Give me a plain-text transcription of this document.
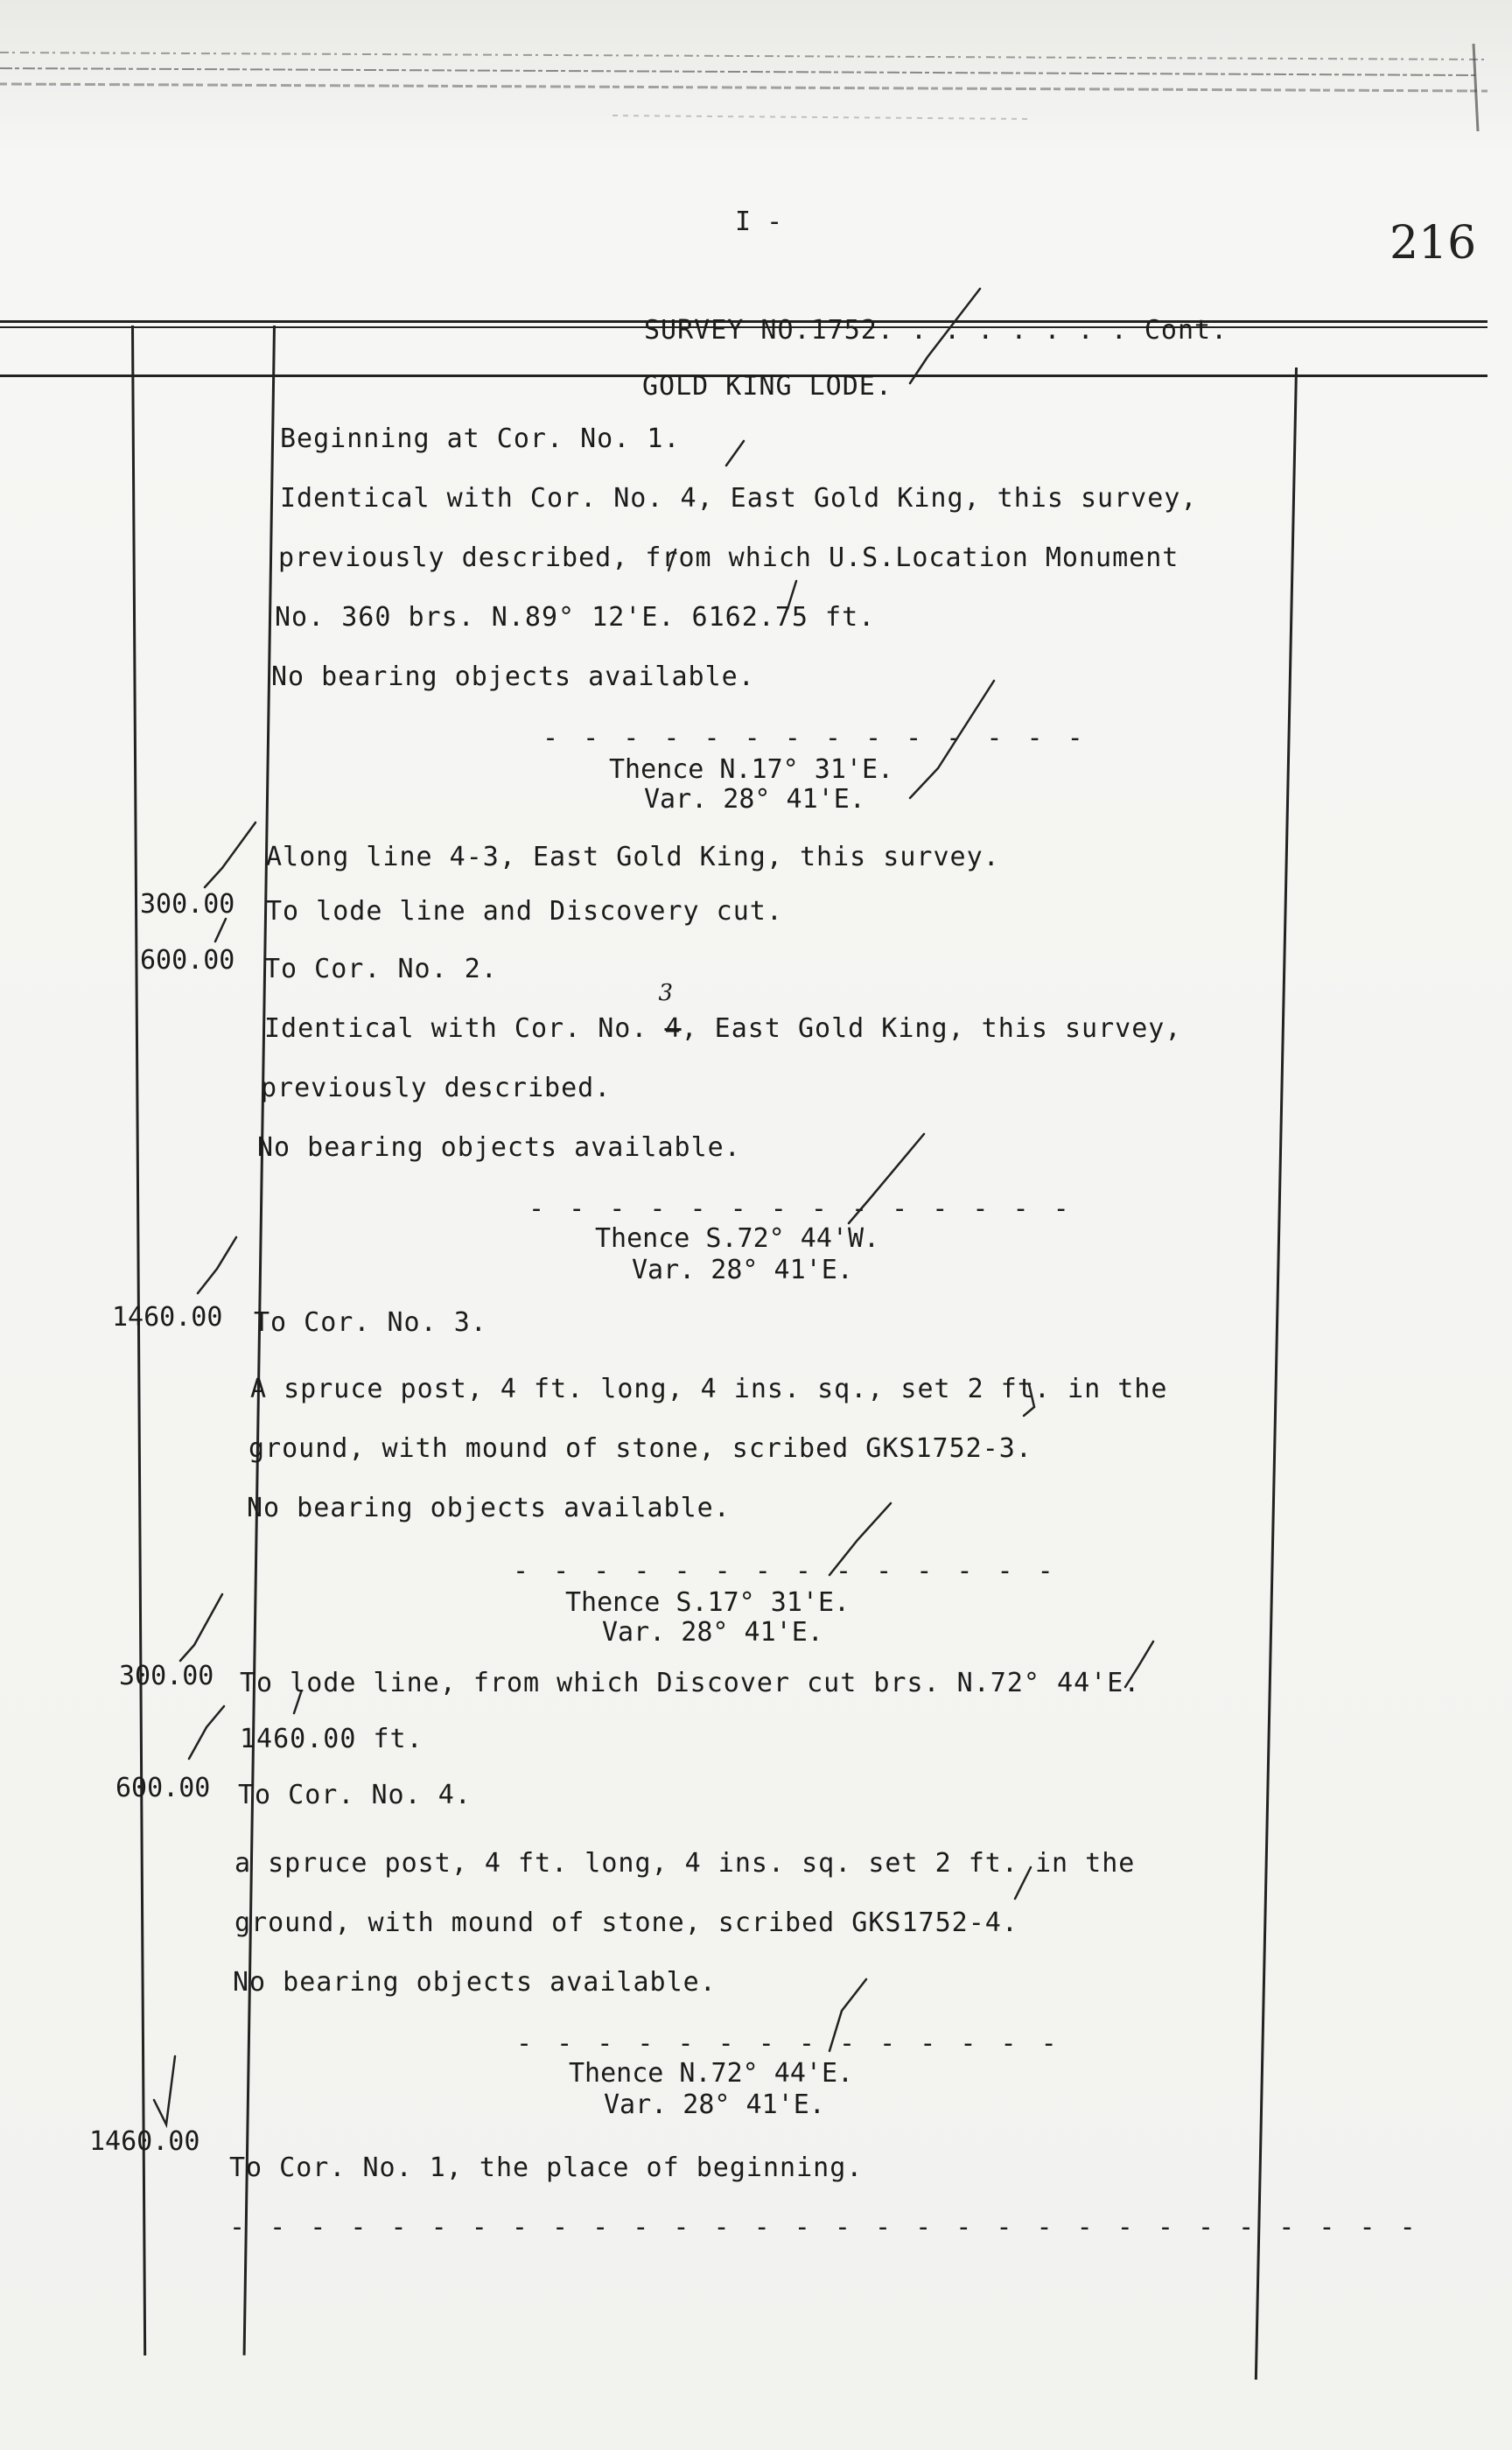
I -	216
SURVEY NO.1752. . . . . . . . Cont.
GOLD KING LODE.
Beginning at Cor. No. 1.
Identical with Cor. No. 4, East Gold King, this survey,
previously described, from which U.S.Location Monument
No. 360 brs. N.89° 12'E. 6162.75 ft.
No bearing objects available.
- - - - - - - - - - - - - -
Thence N.17° 31'E.
Var. 28° 41'E.
Along line 4-3, East Gold King, this survey.
300.00 To lode line and Discovery cut.
600.00 To Cor. No. 2.
Identical with Cor. No. 4
3
, East Gold King, this survey,
previously described.
No bearing objects available.
- - - - - - - - - - - - - -
Thence S.72° 44'W.
Var. 28° 41'E.
1460.00 To Cor. No. 3.
A spruce post, 4 ft. long, 4 ins. sq., set 2 ft. in the
ground, with mound of stone, scribed GKS1752-3.
No bearing objects available.
- - - - - - - - - - - - - -
Thence S.17° 31'E.
Var. 28° 41'E.
300.00 To lode line, from which Discover cut brs. N.72° 44'E.
1460.00 ft.
600.00 To Cor. No. 4.
a spruce post, 4 ft. long, 4 ins. sq. set 2 ft. in the
ground, with mound of stone, scribed GKS1752-4.
No bearing objects available.
- - - - - - - - - - - - - -
Thence N.72° 44'E.
Var. 28° 41'E.
1460.00
To Cor. No. 1, the place of beginning.
- - - - - - - - - - - - - - - - - - - - - - - - - - - - - -
